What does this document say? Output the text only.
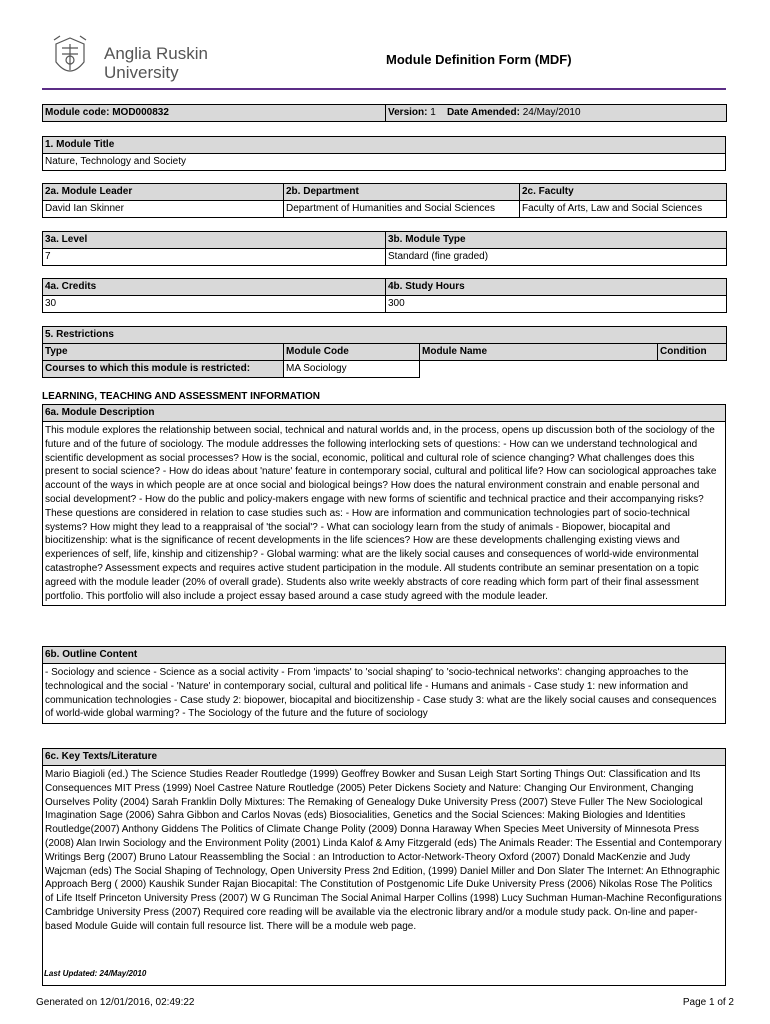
Anglia Ruskin
University
Module Definition Form (MDF)
Module code: MOD000832	Version: 1 Date Amended: 24/May/2010
1. Module Title
Nature, Technology and Society
2a. Module Leader	2b. Department	2c. Faculty
David Ian Skinner	Department of Humanities and Social Sciences	Faculty of Arts, Law and Social Sciences
3a. Level	3b. Module Type
7	Standard (fine graded)
4a. Credits	4b. Study Hours
30	300
5. Restrictions			
Type	Module Code	Module Name	Condition
Courses to which this module is restricted:	MA Sociology		
LEARNING, TEACHING AND ASSESSMENT INFORMATION
6a. Module Description
This module explores the relationship between social, technical and natural worlds and, in the process, opens up discussion both of the sociology of the future and of the future of sociology. The module addresses the following interlocking sets of questions: - How can we understand technological and scientific development as social processes? How is the social, economic, political and cultural role of science changing? What challenges does this present to social science? - How do ideas about 'nature' feature in contemporary social, cultural and political life? How can sociological approaches take account of the ways in which people are at once social and biological beings? How does the natural environment constrain and enable personal and social development? - How do the public and policy-makers engage with new forms of scientific and technical practice and their accompanying risks? These questions are considered in relation to case studies such as: - How are information and communication technologies part of socio-technical systems? How might they lead to a reappraisal of 'the social'? - What can sociology learn from the study of animals - Biopower, biocapital and biocitizenship: what is the significance of recent developments in the life sciences? How are these developments challenging existing views and experiences of self, life, kinship and citizenship? - Global warming: what are the likely social causes and consequences of world-wide environmental catastrophe? Assessment expects and requires active student participation in the module. All students contribute an seminar presentation on a topic agreed with the module leader (20% of overall grade). Students also write weekly abstracts of core reading which form part of their final assessment portfolio. This portfolio will also include a project essay based around a case study agreed with the module leader.
6b. Outline Content
- Sociology and science - Science as a social activity - From 'impacts' to 'social shaping' to 'socio-technical networks': changing approaches to the technological and the social - 'Nature' in contemporary social, cultural and political life - Humans and animals - Case study 1: new information and communication technologies - Case study 2: biopower, biocapital and biocitizenship - Case study 3: what are the likely social causes and consequences of world-wide global warming? - The Sociology of the future and the future of sociology
6c. Key Texts/Literature
Mario Biagioli (ed.) The Science Studies Reader Routledge (1999) Geoffrey Bowker and Susan Leigh Start Sorting Things Out: Classification and Its Consequences MIT Press (1999) Noel Castree Nature Routledge (2005) Peter Dickens Society and Nature: Changing Our Environment, Changing Ourselves Polity (2004) Sarah Franklin Dolly Mixtures: The Remaking of Genealogy Duke University Press (2007) Steve Fuller The New Sociological Imagination Sage (2006) Sahra Gibbon and Carlos Novas (eds) Biosocialities, Genetics and the Social Sciences: Making Biologies and Identities Routledge(2007) Anthony Giddens The Politics of Climate Change Polity (2009) Donna Haraway When Species Meet University of Minnesota Press (2008) Alan Irwin Sociology and the Environment Polity (2001) Linda Kalof & Amy Fitzgerald (eds) The Animals Reader: The Essential and Contemporary Writings Berg (2007) Bruno Latour Reassembling the Social : an Introduction to Actor-Network-Theory Oxford (2007) Donald MacKenzie and Judy Wajcman (eds) The Social Shaping of Technology, Open University Press 2nd Edition, (1999) Daniel Miller and Don Slater The Internet: An Ethnographic Approach Berg ( 2000) Kaushik Sunder Rajan Biocapital: The Constitution of Postgenomic Life Duke University Press (2006) Nikolas Rose The Politics of Life Itself Princeton University Press (2007) W G Runciman The Social Animal Harper Collins (1998) Lucy Suchman Human-Machine Reconfigurations Cambridge University Press (2007) Required core reading will be available via the electronic library and/or a module study pack. On-line and paper-based Module Guide will contain full resource list. There will be a module web page.
Last Updated: 24/May/2010
Generated on 12/01/2016, 02:49:22	Page 1 of 2
